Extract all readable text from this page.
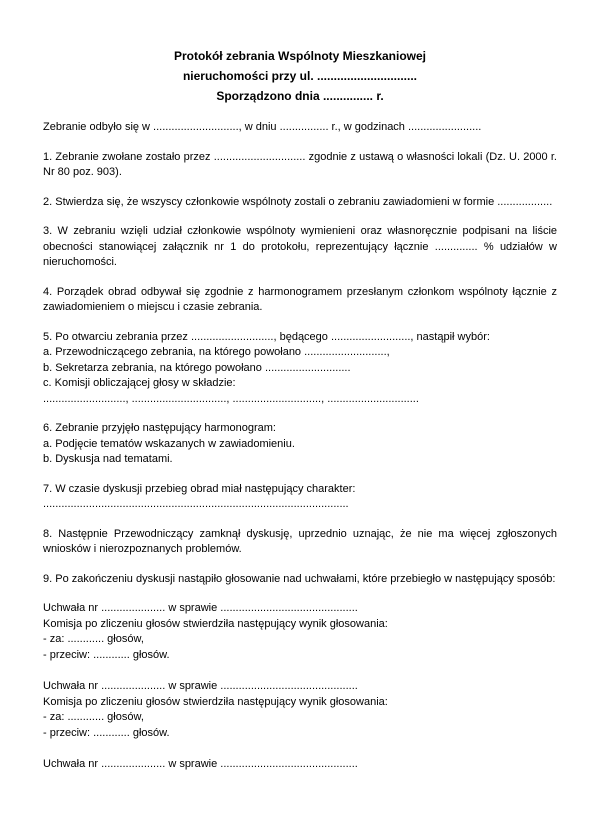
Protokół zebrania Wspólnoty Mieszkaniowej
nieruchomości przy ul. ..............................
Sporządzono dnia ............... r.

Zebranie odbyło się w ............................, w dniu ................ r., w godzinach ........................

1. Zebranie zwołane zostało przez .............................. zgodnie z ustawą o własności lokali (Dz. U. 2000 r. Nr 80 poz. 903).

2. Stwierdza się, że wszyscy członkowie wspólnoty zostali o zebraniu zawiadomieni w formie ..................

3. W zebraniu wzięli udział członkowie wspólnoty wymienieni oraz własnoręcznie podpisani na liście obecności stanowiącej załącznik nr 1 do protokołu, reprezentujący łącznie .............. % udziałów w nieruchomości.

4. Porządek obrad odbywał się zgodnie z harmonogramem przesłanym członkom wspólnoty łącznie z zawiadomieniem o miejscu i czasie zebrania.

5. Po otwarciu zebrania przez ..........................., będącego .........................., nastąpił wybór:
a. Przewodniczącego zebrania, na którego powołano ...........................,
b. Sekretarza zebrania, na którego powołano ............................
c. Komisji obliczającej głosy w składzie:
..........................., ..............................., ............................., ..............................

6. Zebranie przyjęło następujący harmonogram:
a. Podjęcie tematów wskazanych w zawiadomieniu.
b. Dyskusja nad tematami.

7. W czasie dyskusji przebieg obrad miał następujący charakter:
....................................................................................................

8. Następnie Przewodniczący zamknął dyskusję, uprzednio uznając, że nie ma więcej zgłoszonych wniosków i nierozpoznanych problemów.

9. Po zakończeniu dyskusji nastąpiło głosowanie nad uchwałami, które przebiegło w następujący sposób:

Uchwała nr ..................... w sprawie .............................................
Komisja po zliczeniu głosów stwierdziła następujący wynik głosowania:
- za: ............ głosów,
- przeciw: ............ głosów.

Uchwała nr ..................... w sprawie .............................................
Komisja po zliczeniu głosów stwierdziła następujący wynik głosowania:
- za: ............ głosów,
- przeciw: ............ głosów.

Uchwała nr ..................... w sprawie .............................................
